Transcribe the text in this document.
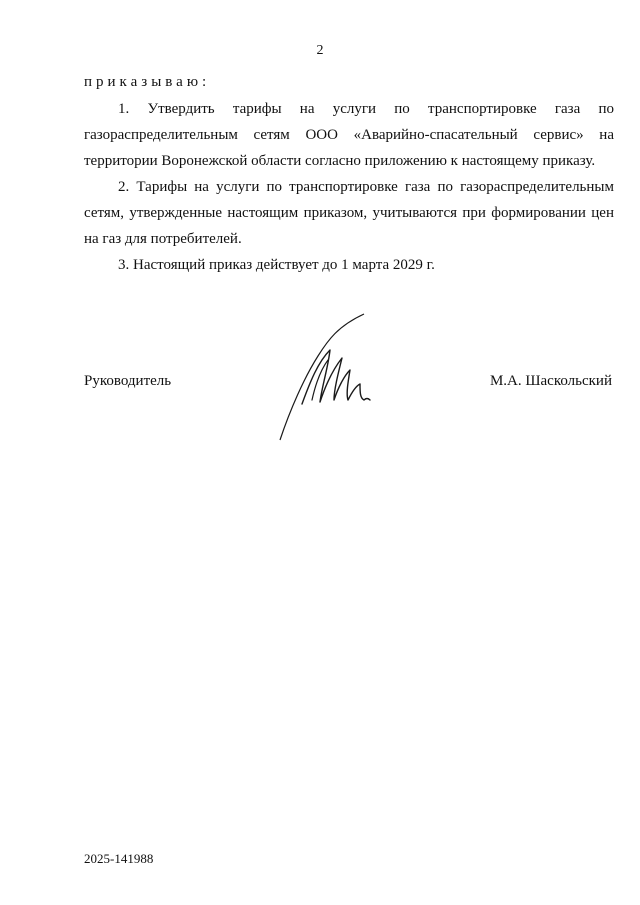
2
приказываю:

1. Утвердить тарифы на услуги по транспортировке газа по газораспределительным сетям ООО «Аварийно-спасательный сервис» на территории Воронежской области согласно приложению к настоящему приказу.

2. Тарифы на услуги по транспортировке газа по газораспределительным сетям, утвержденные настоящим приказом, учитываются при формировании цен на газ для потребителей.

3. Настоящий приказ действует до 1 марта 2029 г.

Руководитель	М.А. Шаскольский
2025-141988
